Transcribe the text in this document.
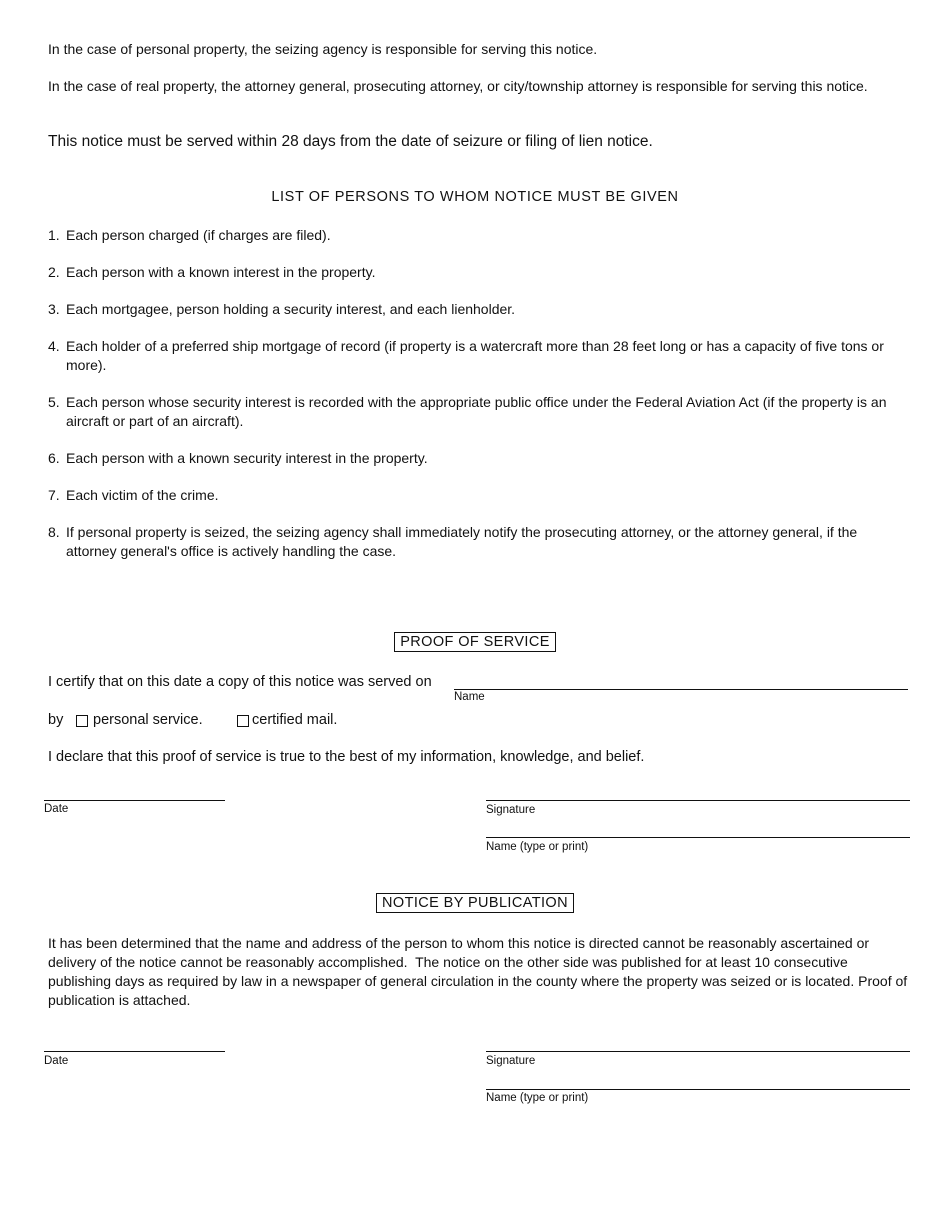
In the case of personal property, the seizing agency is responsible for serving this notice.
In the case of real property, the attorney general, prosecuting attorney, or city/township attorney is responsible for serving this notice.
This notice must be served within 28 days from the date of seizure or filing of lien notice.
LIST OF PERSONS TO WHOM NOTICE MUST BE GIVEN
1. Each person charged (if charges are filed).
2. Each person with a known interest in the property.
3. Each mortgagee, person holding a security interest, and each lienholder.
4. Each holder of a preferred ship mortgage of record (if property is a watercraft more than 28 feet long or has a capacity of five tons or more).
5. Each person whose security interest is recorded with the appropriate public office under the Federal Aviation Act (if the property is an aircraft or part of an aircraft).
6. Each person with a known security interest in the property.
7. Each victim of the crime.
8. If personal property is seized, the seizing agency shall immediately notify the prosecuting attorney, or the attorney general, if the attorney general's office is actively handling the case.
PROOF OF SERVICE
I certify that on this date a copy of this notice was served on
Name
by personal service.	certified mail.
I declare that this proof of service is true to the best of my information, knowledge, and belief.
Date	Signature
Name (type or print)
NOTICE BY PUBLICATION
It has been determined that the name and address of the person to whom this notice is directed cannot be reasonably ascertained or delivery of the notice cannot be reasonably accomplished.  The notice on the other side was published for at least 10 consecutive publishing days as required by law in a newspaper of general circulation in the county where the property was seized or is located. Proof of publication is attached.
Date	Signature
Name (type or print)
